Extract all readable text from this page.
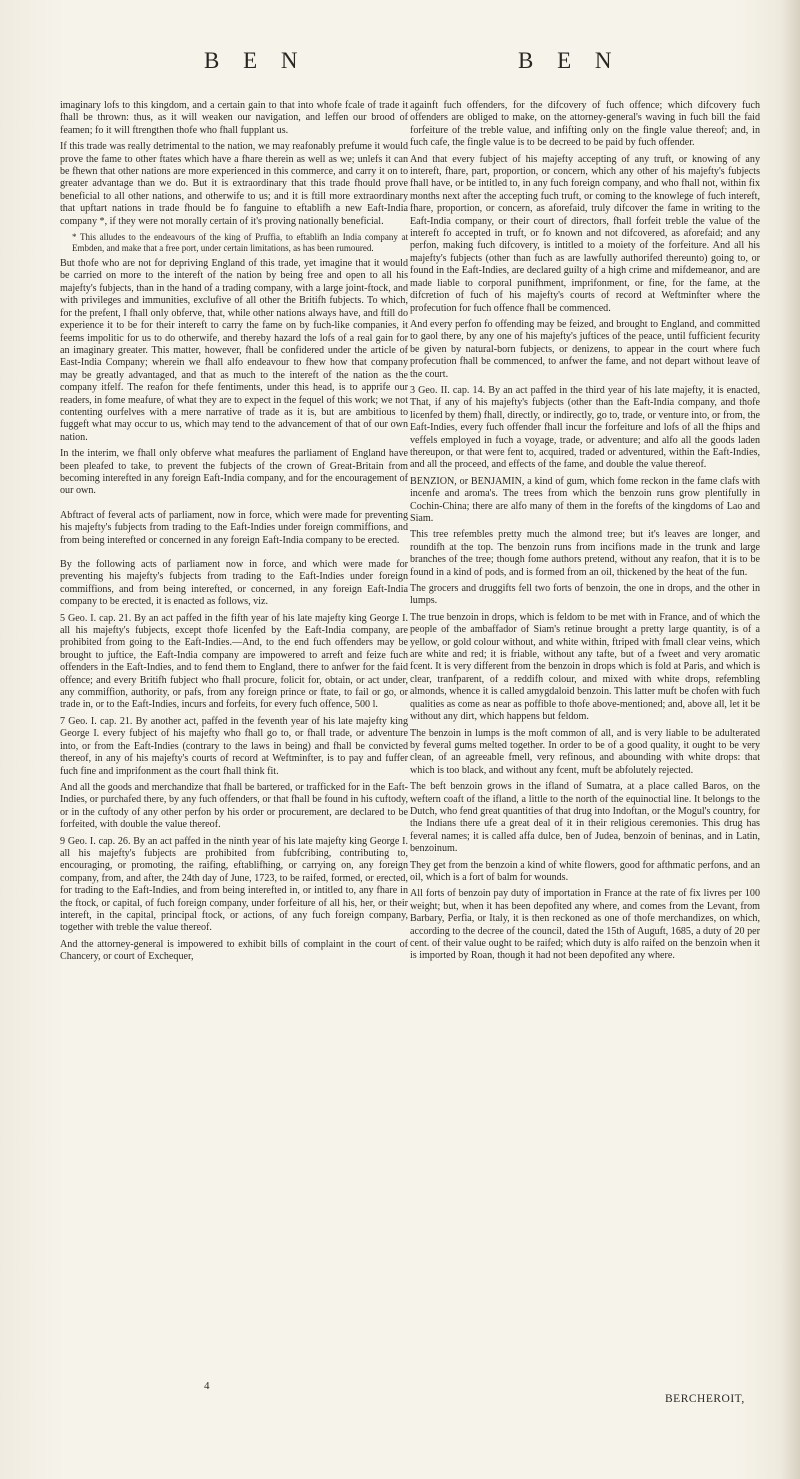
B E N	B E N

imaginary lofs to this kingdom, and a certain gain to that into whofe fcale of trade it fhall be thrown: thus, as it will weaken our navigation, and leffen our brood of feamen; fo it will ftrengthen thofe who fhall fupplant us.

If this trade was really detrimental to the nation, we may reafonably prefume it would prove the fame to other ftates which have a fhare therein as well as we; unlefs it can be fhewn that other nations are more experienced in this commerce, and carry it on to greater advantage than we do. But it is extraordinary that this trade fhould prove beneficial to all other nations, and otherwife to us; and it is ftill more extraordinary that upftart nations in trade fhould be fo fanguine to eftablifh a new Eaft-India company *, if they were not morally certain of it's proving nationally beneficial.

* This alludes to the endeavours of the king of Pruffia, to eftablifh an India company at Embden, and make that a free port, under certain limitations, as has been rumoured.

But thofe who are not for depriving England of this trade, yet imagine that it would be carried on more to the intereft of the nation by being free and open to all his majefty's fubjects, than in the hand of a trading company, with a large joint-ftock, and with privileges and immunities, exclufive of all other the Britifh fubjects. To which, for the prefent, I fhall only obferve, that, while other nations always have, and ftill do experience it to be for their intereft to carry the fame on by fuch-like companies, it feems impolitic for us to do otherwife, and thereby hazard the lofs of a real gain for an imaginary greater. This matter, however, fhall be confidered under the article of East-India Company; wherein we fhall alfo endeavour to fhew how that company may be greatly advantaged, and that as much to the intereft of the nation as the company itfelf. The reafon for thefe fentiments, under this head, is to apprife our readers, in fome meafure, of what they are to expect in the fequel of this work; we not contenting ourfelves with a mere narrative of trade as it is, but are ambitious to fuggeft what may occur to us, which may tend to the advancement of that of our own nation.

In the interim, we fhall only obferve what meafures the parliament of England have been pleafed to take, to prevent the fubjects of the crown of Great-Britain from becoming interefted in any foreign Eaft-India company, and for the encouragement of our own.

Abftract of feveral acts of parliament, now in force, which were made for preventing his majefty's fubjects from trading to the Eaft-Indies under foreign commiffions, and from being interefted or concerned in any foreign Eaft-India company to be erected.

By the following acts of parliament now in force, and which were made for preventing his majefty's fubjects from trading to the Eaft-Indies under foreign commiffions, and from being interefted, or concerned, in any foreign Eaft-India company to be erected, it is enacted as follows, viz.

5 Geo. I. cap. 21. By an act paffed in the fifth year of his late majefty king George I. all his majefty's fubjects, except thofe licenfed by the Eaft-India company, are prohibited from going to the Eaft-Indies.—And, to the end fuch offenders may be brought to juftice, the Eaft-India company are impowered to arreft and feize fuch offenders in the Eaft-Indies, and to fend them to England, there to anfwer for the faid offence; and every Britifh fubject who fhall procure, folicit for, obtain, or act under, any commiffion, authority, or pafs, from any foreign prince or ftate, to fail or go, or trade in, or to the Eaft-Indies, incurs and forfeits, for every fuch offence, 500 l.

7 Geo. I. cap. 21. By another act, paffed in the feventh year of his late majefty king George I. every fubject of his majefty who fhall go to, or fhall trade, or adventure into, or from the Eaft-Indies (contrary to the laws in being) and fhall be convicted thereof, in any of his majefty's courts of record at Weftminfter, is to pay and fuffer fuch fine and imprifonment as the court fhall think fit.

And all the goods and merchandize that fhall be bartered, or trafficked for in the Eaft-Indies, or purchafed there, by any fuch offenders, or that fhall be found in his cuftody, or in the cuftody of any other perfon by his order or procurement, are declared to be forfeited, with double the value thereof.

9 Geo. I. cap. 26. By an act paffed in the ninth year of his late majefty king George I. all his majefty's fubjects are prohibited from fubfcribing, contributing to, encouraging, or promoting, the raifing, eftablifhing, or carrying on, any foreign company, from, and after, the 24th day of June, 1723, to be raifed, formed, or erected, for trading to the Eaft-Indies, and from being interefted in, or intitled to, any fhare in the ftock, or capital, of fuch foreign company, under forfeiture of all his, her, or their intereft, in the capital, principal ftock, or actions, of any fuch foreign company, together with treble the value thereof.

And the attorney-general is impowered to exhibit bills of complaint in the court of Chancery, or court of Exchequer,

againft fuch offenders, for the difcovery of fuch offence; which difcovery fuch offenders are obliged to make, on the attorney-general's waving in fuch bill the faid forfeiture of the treble value, and infifting only on the fingle value thereof; and, in fuch cafe, the fingle value is to be decreed to be paid by fuch offender.

And that every fubject of his majefty accepting of any truft, or knowing of any intereft, fhare, part, proportion, or concern, which any other of his majefty's fubjects fhall have, or be intitled to, in any fuch foreign company, and who fhall not, within fix months next after the accepting fuch truft, or coming to the knowlege of fuch intereft, fhare, proportion, or concern, as aforefaid, truly difcover the fame in writing to the Eaft-India company, or their court of directors, fhall forfeit treble the value of the intereft fo accepted in truft, or fo known and not difcovered, as aforefaid; and any perfon, making fuch difcovery, is intitled to a moiety of the forfeiture. And all his majefty's fubjects (other than fuch as are lawfully authorifed thereunto) going to, or found in the Eaft-Indies, are declared guilty of a high crime and mifdemeanor, and are made liable to corporal punifhment, imprifonment, or fine, for the fame, at the difcretion of fuch of his majefty's courts of record at Weftminfter where the profecution for fuch offence fhall be commenced.

And every perfon fo offending may be feized, and brought to England, and committed to gaol there, by any one of his majefty's juftices of the peace, until fufficient fecurity be given by natural-born fubjects, or denizens, to appear in the court where fuch profecution fhall be commenced, to anfwer the fame, and not depart without leave of the court.

3 Geo. II. cap. 14. By an act paffed in the third year of his late majefty, it is enacted, That, if any of his majefty's fubjects (other than the Eaft-India company, and thofe licenfed by them) fhall, directly, or indirectly, go to, trade, or venture into, or from, the Eaft-Indies, every fuch offender fhall incur the forfeiture and lofs of all the fhips and veffels employed in fuch a voyage, trade, or adventure; and alfo all the goods laden thereupon, or that were fent to, acquired, traded or adventured, within the Eaft-Indies, and all the proceed, and effects of the fame, and double the value thereof.

BENZION, or BENJAMIN, a kind of gum, which fome reckon in the fame clafs with incenfe and aroma's. The trees from which the benzoin runs grow plentifully in Cochin-China; there are alfo many of them in the forefts of the kingdoms of Lao and Siam.

This tree refembles pretty much the almond tree; but it's leaves are longer, and roundifh at the top. The benzoin runs from incifions made in the trunk and large branches of the tree; though fome authors pretend, without any reafon, that it is to be found in a kind of pods, and is formed from an oil, thickened by the heat of the fun.

The grocers and druggifts fell two forts of benzoin, the one in drops, and the other in lumps.

The true benzoin in drops, which is feldom to be met with in France, and of which the people of the ambaffador of Siam's retinue brought a pretty large quantity, is of a yellow, or gold colour without, and white within, ftriped with fmall clear veins, which are white and red; it is friable, without any tafte, but of a fweet and very aromatic fcent. It is very different from the benzoin in drops which is fold at Paris, and which is clear, tranfparent, of a reddifh colour, and mixed with white drops, refembling almonds, whence it is called amygdaloid benzoin. This latter muft be chofen with fuch qualities as come as near as poffible to thofe above-mentioned; and, above all, let it be without any dirt, which happens but feldom.

The benzoin in lumps is the moft common of all, and is very liable to be adulterated by feveral gums melted together. In order to be of a good quality, it ought to be very clean, of an agreeable fmell, very refinous, and abounding with white drops: that which is too black, and without any fcent, muft be abfolutely rejected.

The beft benzoin grows in the ifland of Sumatra, at a place called Baros, on the weftern coaft of the ifland, a little to the north of the equinoctial line. It belongs to the Dutch, who fend great quantities of that drug into Indoftan, or the Mogul's country, for the Indians there ufe a great deal of it in their religious ceremonies. This drug has feveral names; it is called affa dulce, ben of Judea, benzoin of beninas, and in Latin, benzoinum.

They get from the benzoin a kind of white flowers, good for afthmatic perfons, and an oil, which is a fort of balm for wounds.

All forts of benzoin pay duty of importation in France at the rate of fix livres per 100 weight; but, when it has been depofited any where, and comes from the Levant, from Barbary, Perfia, or Italy, it is then reckoned as one of thofe merchandizes, on which, according to the decree of the council, dated the 15th of Auguft, 1685, a duty of 20 per cent. of their value ought to be raifed; which duty is alfo raifed on the benzoin when it is imported by Roan, though it had not been depofited any where.

4
BERCHEROIT,
